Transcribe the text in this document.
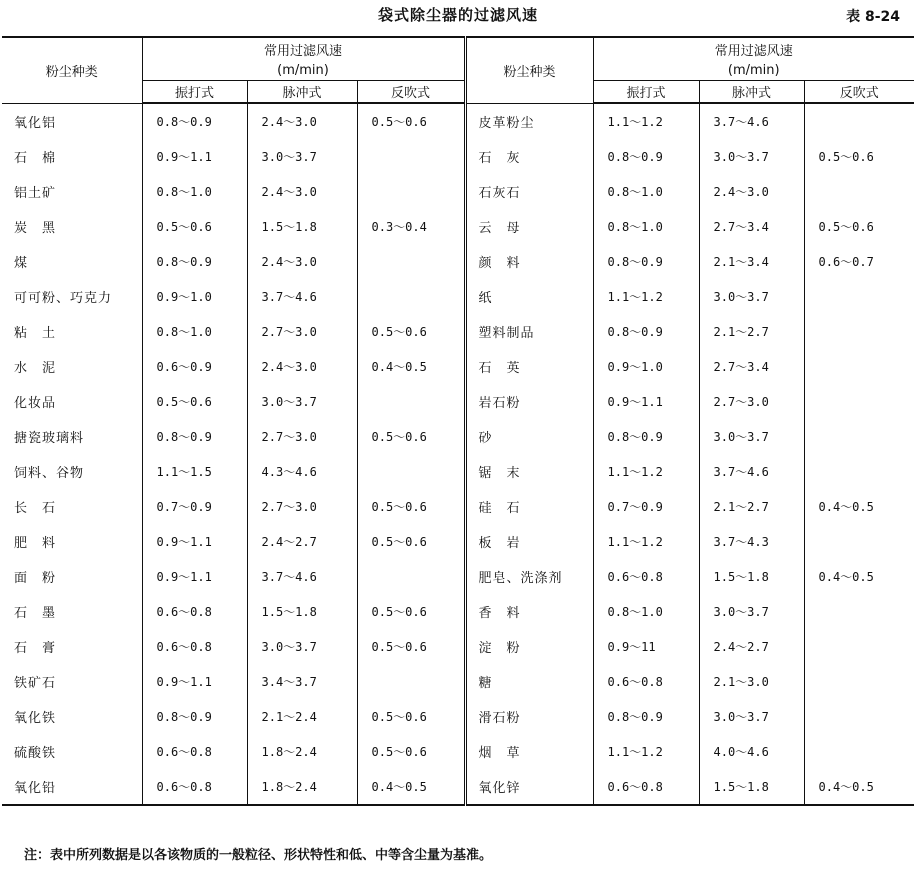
袋式除尘器的过滤风速	表 8-24
粉尘种类	常用过滤风速			粉尘种类	常用过滤风速		
	(m/min)				(m/min)		
	振打式	脉冲式	反吹式		振打式	脉冲式	反吹式

氧化铝	0.8～0.9	2.4～3.0	0.5～0.6	皮革粉尘	1.1～1.2	3.7～4.6	
石　棉	0.9～1.1	3.0～3.7		石　灰	0.8～0.9	3.0～3.7	0.5～0.6
铝土矿	0.8～1.0	2.4～3.0		石灰石	0.8～1.0	2.4～3.0	
炭　黑	0.5～0.6	1.5～1.8	0.3～0.4	云　母	0.8～1.0	2.7～3.4	0.5～0.6
煤	0.8～0.9	2.4～3.0		颜　料	0.8～0.9	2.1～3.4	0.6～0.7
可可粉、巧克力	0.9～1.0	3.7～4.6		纸	1.1～1.2	3.0～3.7	
粘　土	0.8～1.0	2.7～3.0	0.5～0.6	塑料制品	0.8～0.9	2.1～2.7	
水　泥	0.6～0.9	2.4～3.0	0.4～0.5	石　英	0.9～1.0	2.7～3.4	
化妆品	0.5～0.6	3.0～3.7		岩石粉	0.9～1.1	2.7～3.0	
搪瓷玻璃料	0.8～0.9	2.7～3.0	0.5～0.6	砂	0.8～0.9	3.0～3.7	
饲料、谷物	1.1～1.5	4.3～4.6		锯　末	1.1～1.2	3.7～4.6	
长　石	0.7～0.9	2.7～3.0	0.5～0.6	硅　石	0.7～0.9	2.1～2.7	0.4～0.5
肥　料	0.9～1.1	2.4～2.7	0.5～0.6	板　岩	1.1～1.2	3.7～4.3	
面　粉	0.9～1.1	3.7～4.6		肥皂、洗涤剂	0.6～0.8	1.5～1.8	0.4～0.5
石　墨	0.6～0.8	1.5～1.8	0.5～0.6	香　料	0.8～1.0	3.0～3.7	
石　膏	0.6～0.8	3.0～3.7	0.5～0.6	淀　粉	0.9～11	2.4～2.7	
铁矿石	0.9～1.1	3.4～3.7		糖	0.6～0.8	2.1～3.0	
氧化铁	0.8～0.9	2.1～2.4	0.5～0.6	滑石粉	0.8～0.9	3.0～3.7	
硫酸铁	0.6～0.8	1.8～2.4	0.5～0.6	烟　草	1.1～1.2	4.0～4.6	
氧化铅	0.6～0.8	1.8～2.4	0.4～0.5	氧化锌	0.6～0.8	1.5～1.8	0.4～0.5
注：表中所列数据是以各该物质的一般粒径、形状特性和低、中等含尘量为基准。
